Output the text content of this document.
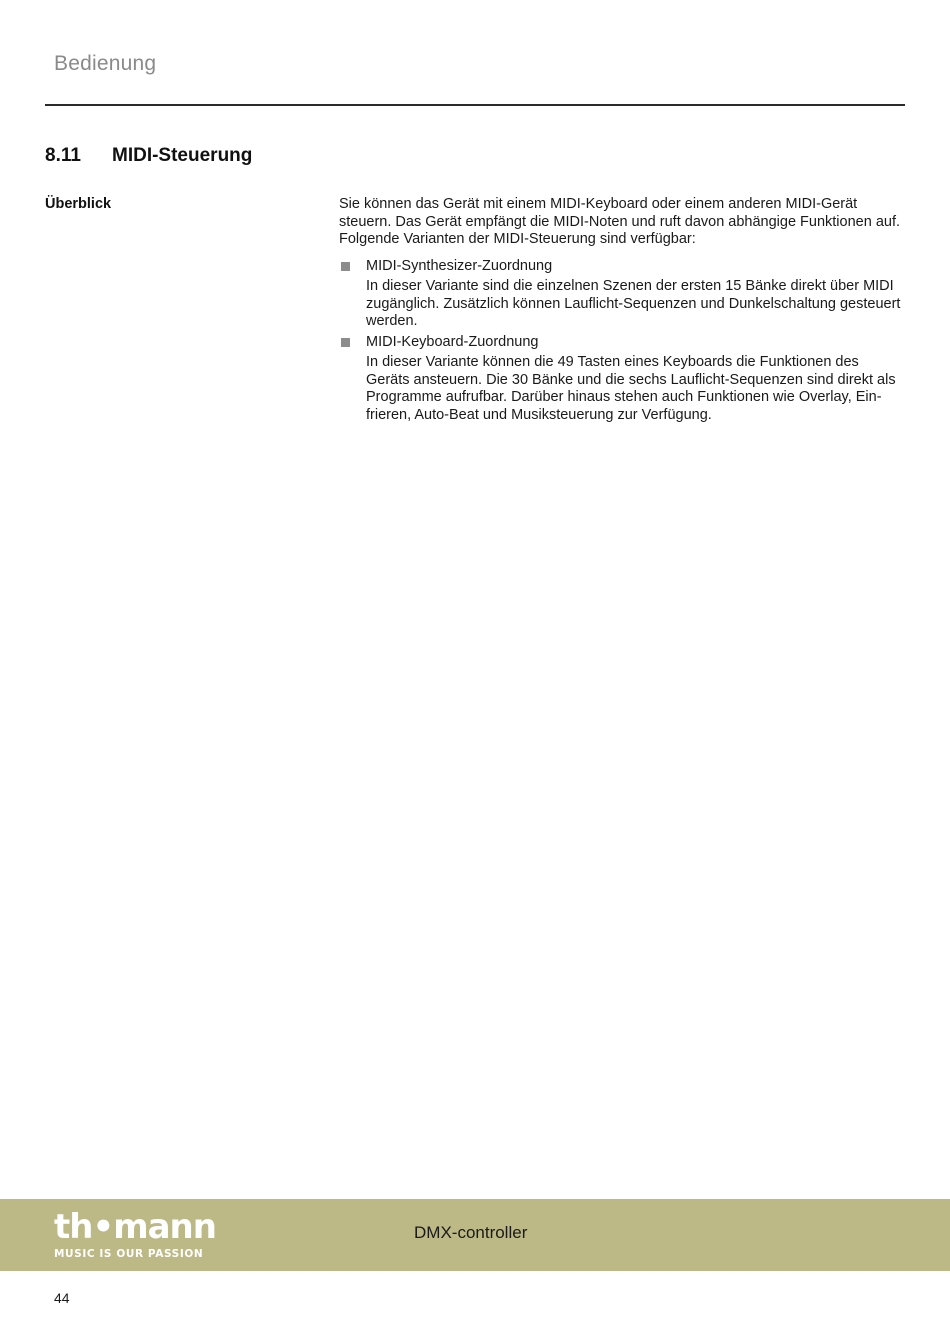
Bedienung
8.11 MIDI-Steuerung
Überblick	Sie können das Gerät mit einem MIDI-Keyboard oder einem anderen MIDI-Gerät steuern. Das Gerät empfängt die MIDI-Noten und ruft davon abhängige Funktionen auf. Folgende Varianten der MIDI-Steuerung sind verfügbar:

MIDI-Synthesizer-Zuordnung
In dieser Variante sind die einzelnen Szenen der ersten 15 Bänke direkt über MIDI zugänglich. Zusätzlich können Lauflicht-Sequenzen und Dunkelschaltung gesteuert werden.
MIDI-Keyboard-Zuordnung
In dieser Variante können die 49 Tasten eines Keyboards die Funktionen des Geräts ansteuern. Die 30 Bänke und die sechs Lauflicht-Sequenzen sind direkt als Programme aufrufbar. Darüber hinaus stehen auch Funktionen wie Overlay, Einfrieren, Auto-Beat und Musiksteuerung zur Verfügung.
th•mann
MUSIC IS OUR PASSION
DMX-controller
44
